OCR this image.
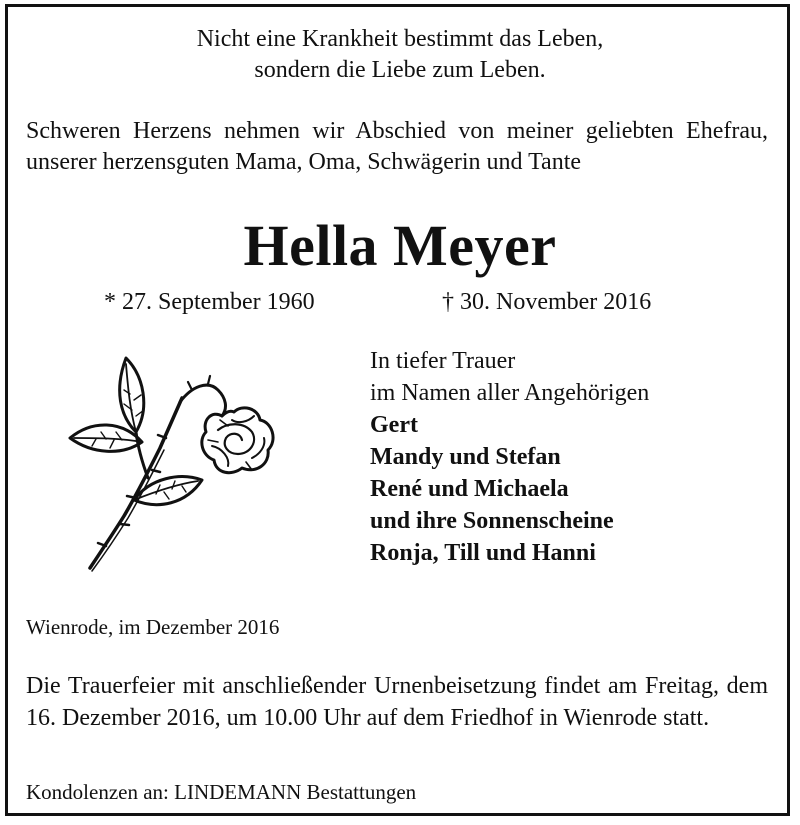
Nicht eine Krankheit bestimmt das Leben,
sondern die Liebe zum Leben.
Schweren Herzens nehmen wir Abschied von meiner geliebten Ehefrau, unserer herzensguten Mama, Oma, Schwägerin und Tante
Hella Meyer
* 27. September 1960	† 30. November 2016
In tiefer Trauer
im Namen aller Angehörigen
Gert
Mandy und Stefan
René und Michaela
und ihre Sonnenscheine
Ronja, Till und Hanni
Wienrode, im Dezember 2016
Die Trauerfeier mit anschließender Urnenbeisetzung findet am Freitag, dem 16. Dezember 2016, um 10.00 Uhr auf dem Friedhof in Wienrode statt.
Kondolenzen an: LINDEMANN Bestattungen
